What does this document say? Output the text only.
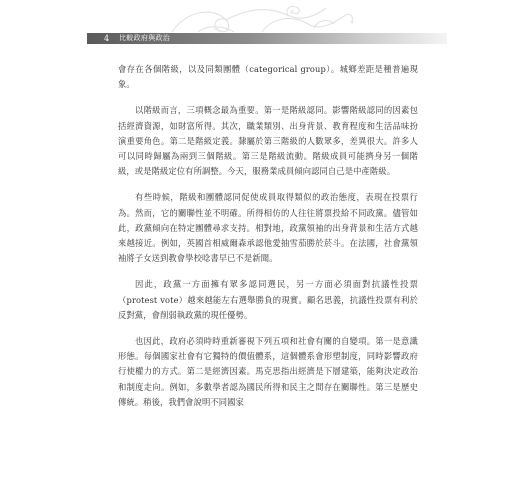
4 比較政府與政治

會存在各個階級，以及同類團體（categorical group）。城鄉差距是種普遍現象。

以階級而言，三項概念最為重要。第一是階級認同。影響階級認同的因素包括經濟資源，如財富所得。其次，職業類別、出身背景、教育程度和生活品味扮演重要角色。第二是階級定義。隸屬於第三階級的人數眾多，差異很大。許多人可以同時歸屬為兩到三個階級。第三是階級流動。階級成員可能擠身另一個階級，或是階級定位有所調整。今天，服務業成員傾向認同自己是中產階級。

有些時候，階級和團體認同促使成員取得類似的政治態度，表現在投票行為。然而，它的關聯性並不明確。所得相仿的人往往將票投給不同政黨。儘管如此，政黨傾向在特定團體尋求支持。相對地，政黨領袖的出身背景和生活方式越來越接近。例如，英國首相威爾森承認他愛抽雪茄勝於菸斗。在法國，社會黨領袖將子女送到教會學校唸書早已不是新聞。

因此，政黨一方面擁有眾多認同選民，另一方面必須面對抗議性投票（protest vote）越來越能左右選舉勝負的現實。顧名思義，抗議性投票有利於反對黨，會削弱執政黨的現任優勢。

也因此，政府必須時時重新審視下列五項和社會有關的自變項。第一是意識形態。每個國家社會有它獨特的價值體系，這個體系會形塑制度，同時影響政府行使權力的方式。第二是經濟因素。馬克思指出經濟是下層建築，能夠決定政治和制度走向。例如，多數學者認為國民所得和民主之間存在關聯性。第三是歷史傳統。稍後，我們會說明不同國家
